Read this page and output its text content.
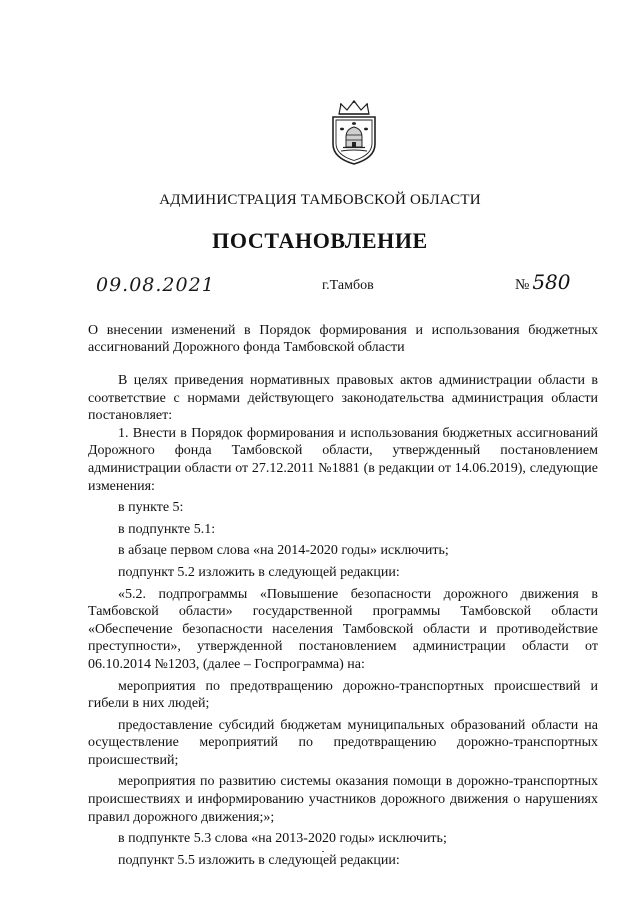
АДМИНИСТРАЦИЯ ТАМБОВСКОЙ ОБЛАСТИ
ПОСТАНОВЛЕНИЕ
09.08.2021	г.Тамбов	№ 580
О внесении изменений в Порядок формирования и использования бюджетных ассигнований Дорожного фонда Тамбовской области

В целях приведения нормативных правовых актов администрации области в соответствие с нормами действующего законодательства администрация области постановляет:

1. Внести в Порядок формирования и использования бюджетных ассигнований Дорожного фонда Тамбовской области, утвержденный постановлением администрации области от 27.12.2011 №1881 (в редакции от 14.06.2019), следующие изменения:

в пункте 5:

в подпункте 5.1:

в абзаце первом слова «на 2014-2020 годы» исключить;

подпункт 5.2 изложить в следующей редакции:

«5.2. подпрограммы «Повышение безопасности дорожного движения в Тамбовской области» государственной программы Тамбовской области «Обеспечение безопасности населения Тамбовской области и противодействие преступности», утвержденной постановлением администрации области от 06.10.2014 №1203, (далее – Госпрограмма) на:

мероприятия по предотвращению дорожно-транспортных происшествий и гибели в них людей;

предоставление субсидий бюджетам муниципальных образований области на осуществление мероприятий по предотвращению дорожно-транспортных происшествий;

мероприятия по развитию системы оказания помощи в дорожно-транспортных происшествиях и информированию участников дорожного движения о нарушениях правил дорожного движения;»;

в подпункте 5.3 слова «на 2013-2020 годы» исключить;

подпункт 5.5 изложить в следующей редакции:
